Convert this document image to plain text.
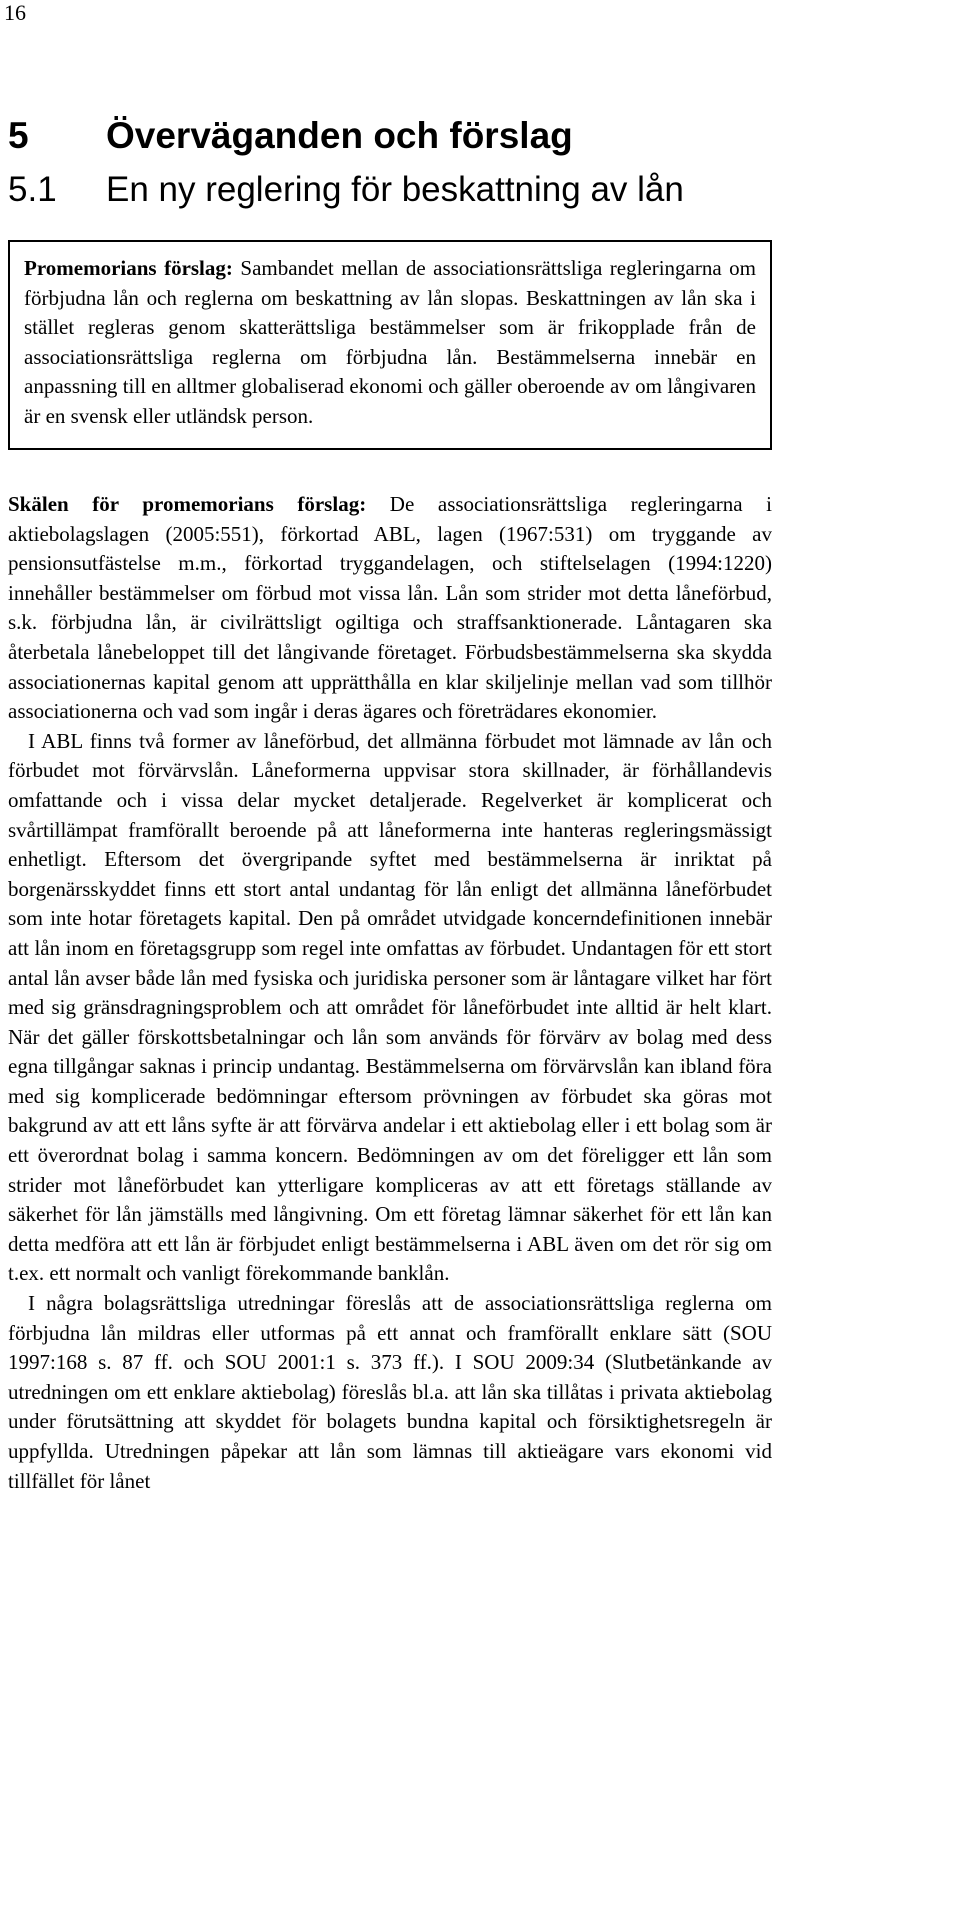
16
5 Överväganden och förslag
5.1 En ny reglering för beskattning av lån

Promemorians förslag: Sambandet mellan de associationsrättsliga regleringarna om förbjudna lån och reglerna om beskattning av lån slopas. Beskattningen av lån ska i stället regleras genom skatterättsliga bestämmelser som är frikopplade från de associationsrättsliga reglerna om förbjudna lån. Bestämmelserna innebär en anpassning till en alltmer globaliserad ekonomi och gäller oberoende av om långivaren är en svensk eller utländsk person.

Skälen för promemorians förslag: De associationsrättsliga regleringarna i aktiebolagslagen (2005:551), förkortad ABL, lagen (1967:531) om tryggande av pensionsutfästelse m.m., förkortad tryggandelagen, och stiftelselagen (1994:1220) innehåller bestämmelser om förbud mot vissa lån. Lån som strider mot detta låneförbud, s.k. förbjudna lån, är civilrättsligt ogiltiga och straffsanktionerade. Låntagaren ska återbetala lånebeloppet till det långivande företaget. Förbudsbestämmelserna ska skydda associationernas kapital genom att upprätthålla en klar skiljelinje mellan vad som tillhör associationerna och vad som ingår i deras ägares och företrädares ekonomier.

I ABL finns två former av låneförbud, det allmänna förbudet mot lämnade av lån och förbudet mot förvärvslån. Låneformerna uppvisar stora skillnader, är förhållandevis omfattande och i vissa delar mycket detaljerade. Regelverket är komplicerat och svårtillämpat framförallt beroende på att låneformerna inte hanteras regleringsmässigt enhetligt. Eftersom det övergripande syftet med bestämmelserna är inriktat på borgenärsskyddet finns ett stort antal undantag för lån enligt det allmänna låneförbudet som inte hotar företagets kapital. Den på området utvidgade koncerndefinitionen innebär att lån inom en företagsgrupp som regel inte omfattas av förbudet. Undantagen för ett stort antal lån avser både lån med fysiska och juridiska personer som är låntagare vilket har fört med sig gränsdragningsproblem och att området för låneförbudet inte alltid är helt klart. När det gäller förskottsbetalningar och lån som används för förvärv av bolag med dess egna tillgångar saknas i princip undantag. Bestämmelserna om förvärvslån kan ibland föra med sig komplicerade bedömningar eftersom prövningen av förbudet ska göras mot bakgrund av att ett låns syfte är att förvärva andelar i ett aktiebolag eller i ett bolag som är ett överordnat bolag i samma koncern. Bedömningen av om det föreligger ett lån som strider mot låneförbudet kan ytterligare kompliceras av att ett företags ställande av säkerhet för lån jämställs med långivning. Om ett företag lämnar säkerhet för ett lån kan detta medföra att ett lån är förbjudet enligt bestämmelserna i ABL även om det rör sig om t.ex. ett normalt och vanligt förekommande banklån.

I några bolagsrättsliga utredningar föreslås att de associationsrättsliga reglerna om förbjudna lån mildras eller utformas på ett annat och framförallt enklare sätt (SOU 1997:168 s. 87 ff. och SOU 2001:1 s. 373 ff.). I SOU 2009:34 (Slutbetänkande av utredningen om ett enklare aktiebolag) föreslås bl.a. att lån ska tillåtas i privata aktiebolag under förutsättning att skyddet för bolagets bundna kapital och försiktighetsregeln är uppfyllda. Utredningen påpekar att lån som lämnas till aktieägare vars ekonomi vid tillfället för lånet
